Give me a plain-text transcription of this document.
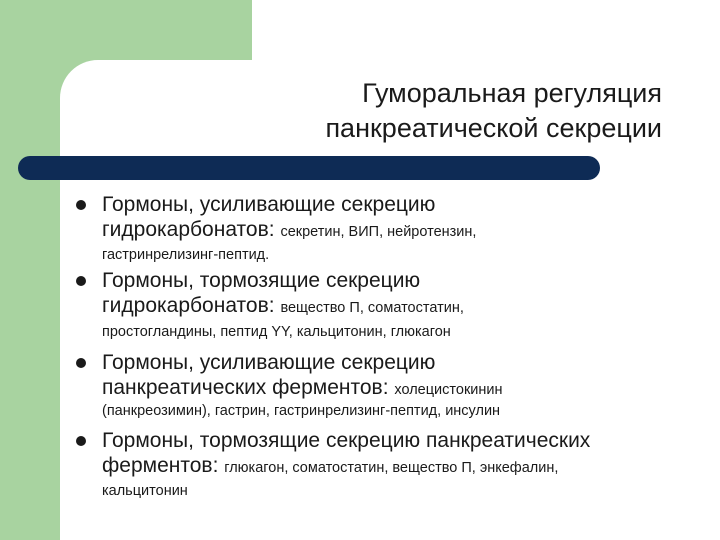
Гуморальная регуляция
панкреатической секреции
Гормоны, усиливающие секрецию
гидрокарбонатов: секретин, ВИП, нейротензин,
гастринрелизинг-пептид.
Гормоны, тормозящие секрецию
гидрокарбонатов: вещество П, соматостатин,
простогландины, пептид YY, кальцитонин, глюкагон
Гормоны, усиливающие секрецию
панкреатических ферментов: холецистокинин
(панкреозимин), гастрин, гастринрелизинг-пептид, инсулин
Гормоны, тормозящие секрецию панкреатических
ферментов: глюкагон, соматостатин, вещество П, энкефалин,
кальцитонин
